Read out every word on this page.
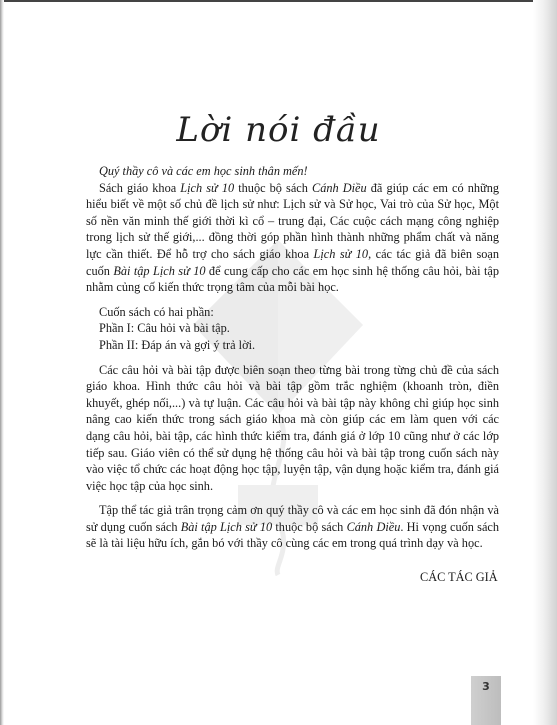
Lời nói đầu

Quý thầy cô và các em học sinh thân mến!

Sách giáo khoa Lịch sử 10 thuộc bộ sách Cánh Diều đã giúp các em có những hiểu biết về một số chủ đề lịch sử như: Lịch sử và Sử học, Vai trò của Sử học, Một số nền văn minh thế giới thời kì cổ – trung đại, Các cuộc cách mạng công nghiệp trong lịch sử thế giới,... đồng thời góp phần hình thành những phẩm chất và năng lực cần thiết. Để hỗ trợ cho sách giáo khoa Lịch sử 10, các tác giả đã biên soạn cuốn Bài tập Lịch sử 10 để cung cấp cho các em học sinh hệ thống câu hỏi, bài tập nhằm củng cố kiến thức trọng tâm của mỗi bài học.

Cuốn sách có hai phần:

Phần I: Câu hỏi và bài tập.
Phần II: Đáp án và gợi ý trả lời.

Các câu hỏi và bài tập được biên soạn theo từng bài trong từng chủ đề của sách giáo khoa. Hình thức câu hỏi và bài tập gồm trắc nghiệm (khoanh tròn, điền khuyết, ghép nối,...) và tự luận. Các câu hỏi và bài tập này không chỉ giúp học sinh nâng cao kiến thức trong sách giáo khoa mà còn giúp các em làm quen với các dạng câu hỏi, bài tập, các hình thức kiểm tra, đánh giá ở lớp 10 cũng như ở các lớp tiếp sau. Giáo viên có thể sử dụng hệ thống câu hỏi và bài tập trong cuốn sách này vào việc tổ chức các hoạt động học tập, luyện tập, vận dụng hoặc kiểm tra, đánh giá việc học tập của học sinh.

Tập thể tác giả trân trọng cảm ơn quý thầy cô và các em học sinh đã đón nhận và sử dụng cuốn sách Bài tập Lịch sử 10 thuộc bộ sách Cánh Diều. Hi vọng cuốn sách sẽ là tài liệu hữu ích, gắn bó với thầy cô cùng các em trong quá trình dạy và học.

CÁC TÁC GIẢ
3
